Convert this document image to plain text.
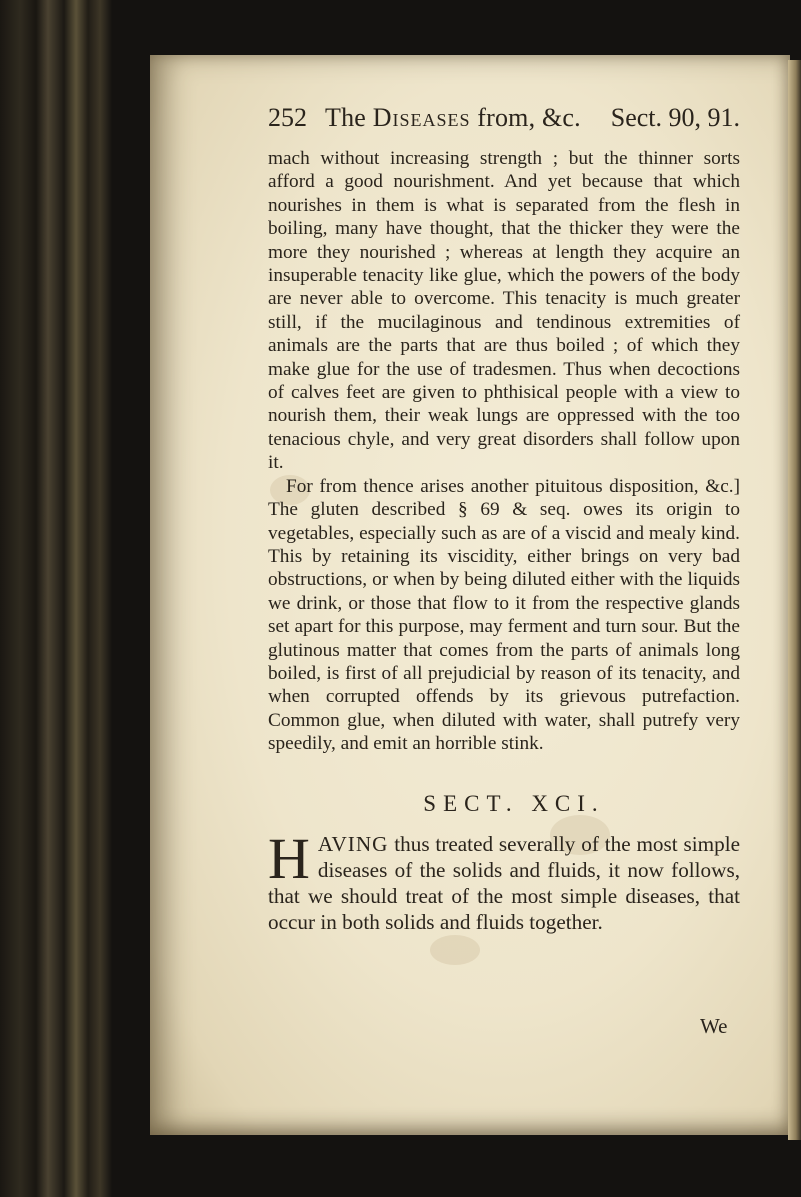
252 The Diseases from, &c. Sect. 90, 91.

mach without increasing strength ; but the thinner sorts afford a good nourishment. And yet because that which nourishes in them is what is separated from the flesh in boiling, many have thought, that the thicker they were the more they nourished ; whereas at length they acquire an insuperable tenacity like glue, which the powers of the body are never able to overcome. This tenacity is much greater still, if the mucilaginous and tendinous extremities of animals are the parts that are thus boiled ; of which they make glue for the use of tradesmen. Thus when decoctions of calves feet are given to phthisical people with a view to nourish them, their weak lungs are oppressed with the too tenacious chyle, and very great disorders shall follow upon it.

For from thence arises another pituitous disposition, &c.] The gluten described § 69 & seq. owes its origin to vegetables, especially such as are of a viscid and mealy kind. This by retaining its viscidity, either brings on very bad obstructions, or when by being diluted either with the liquids we drink, or those that flow to it from the respective glands set apart for this purpose, may ferment and turn sour. But the glutinous matter that comes from the parts of animals long boiled, is first of all prejudicial by reason of its tenacity, and when corrupted offends by its grievous putrefaction. Common glue, when diluted with water, shall putrefy very speedily, and emit an horrible stink.

SECT. XCI.

H AVING thus treated severally of the most simple diseases of the solids and fluids, it now follows, that we should treat of the most simple diseases, that occur in both solids and fluids together.

We
